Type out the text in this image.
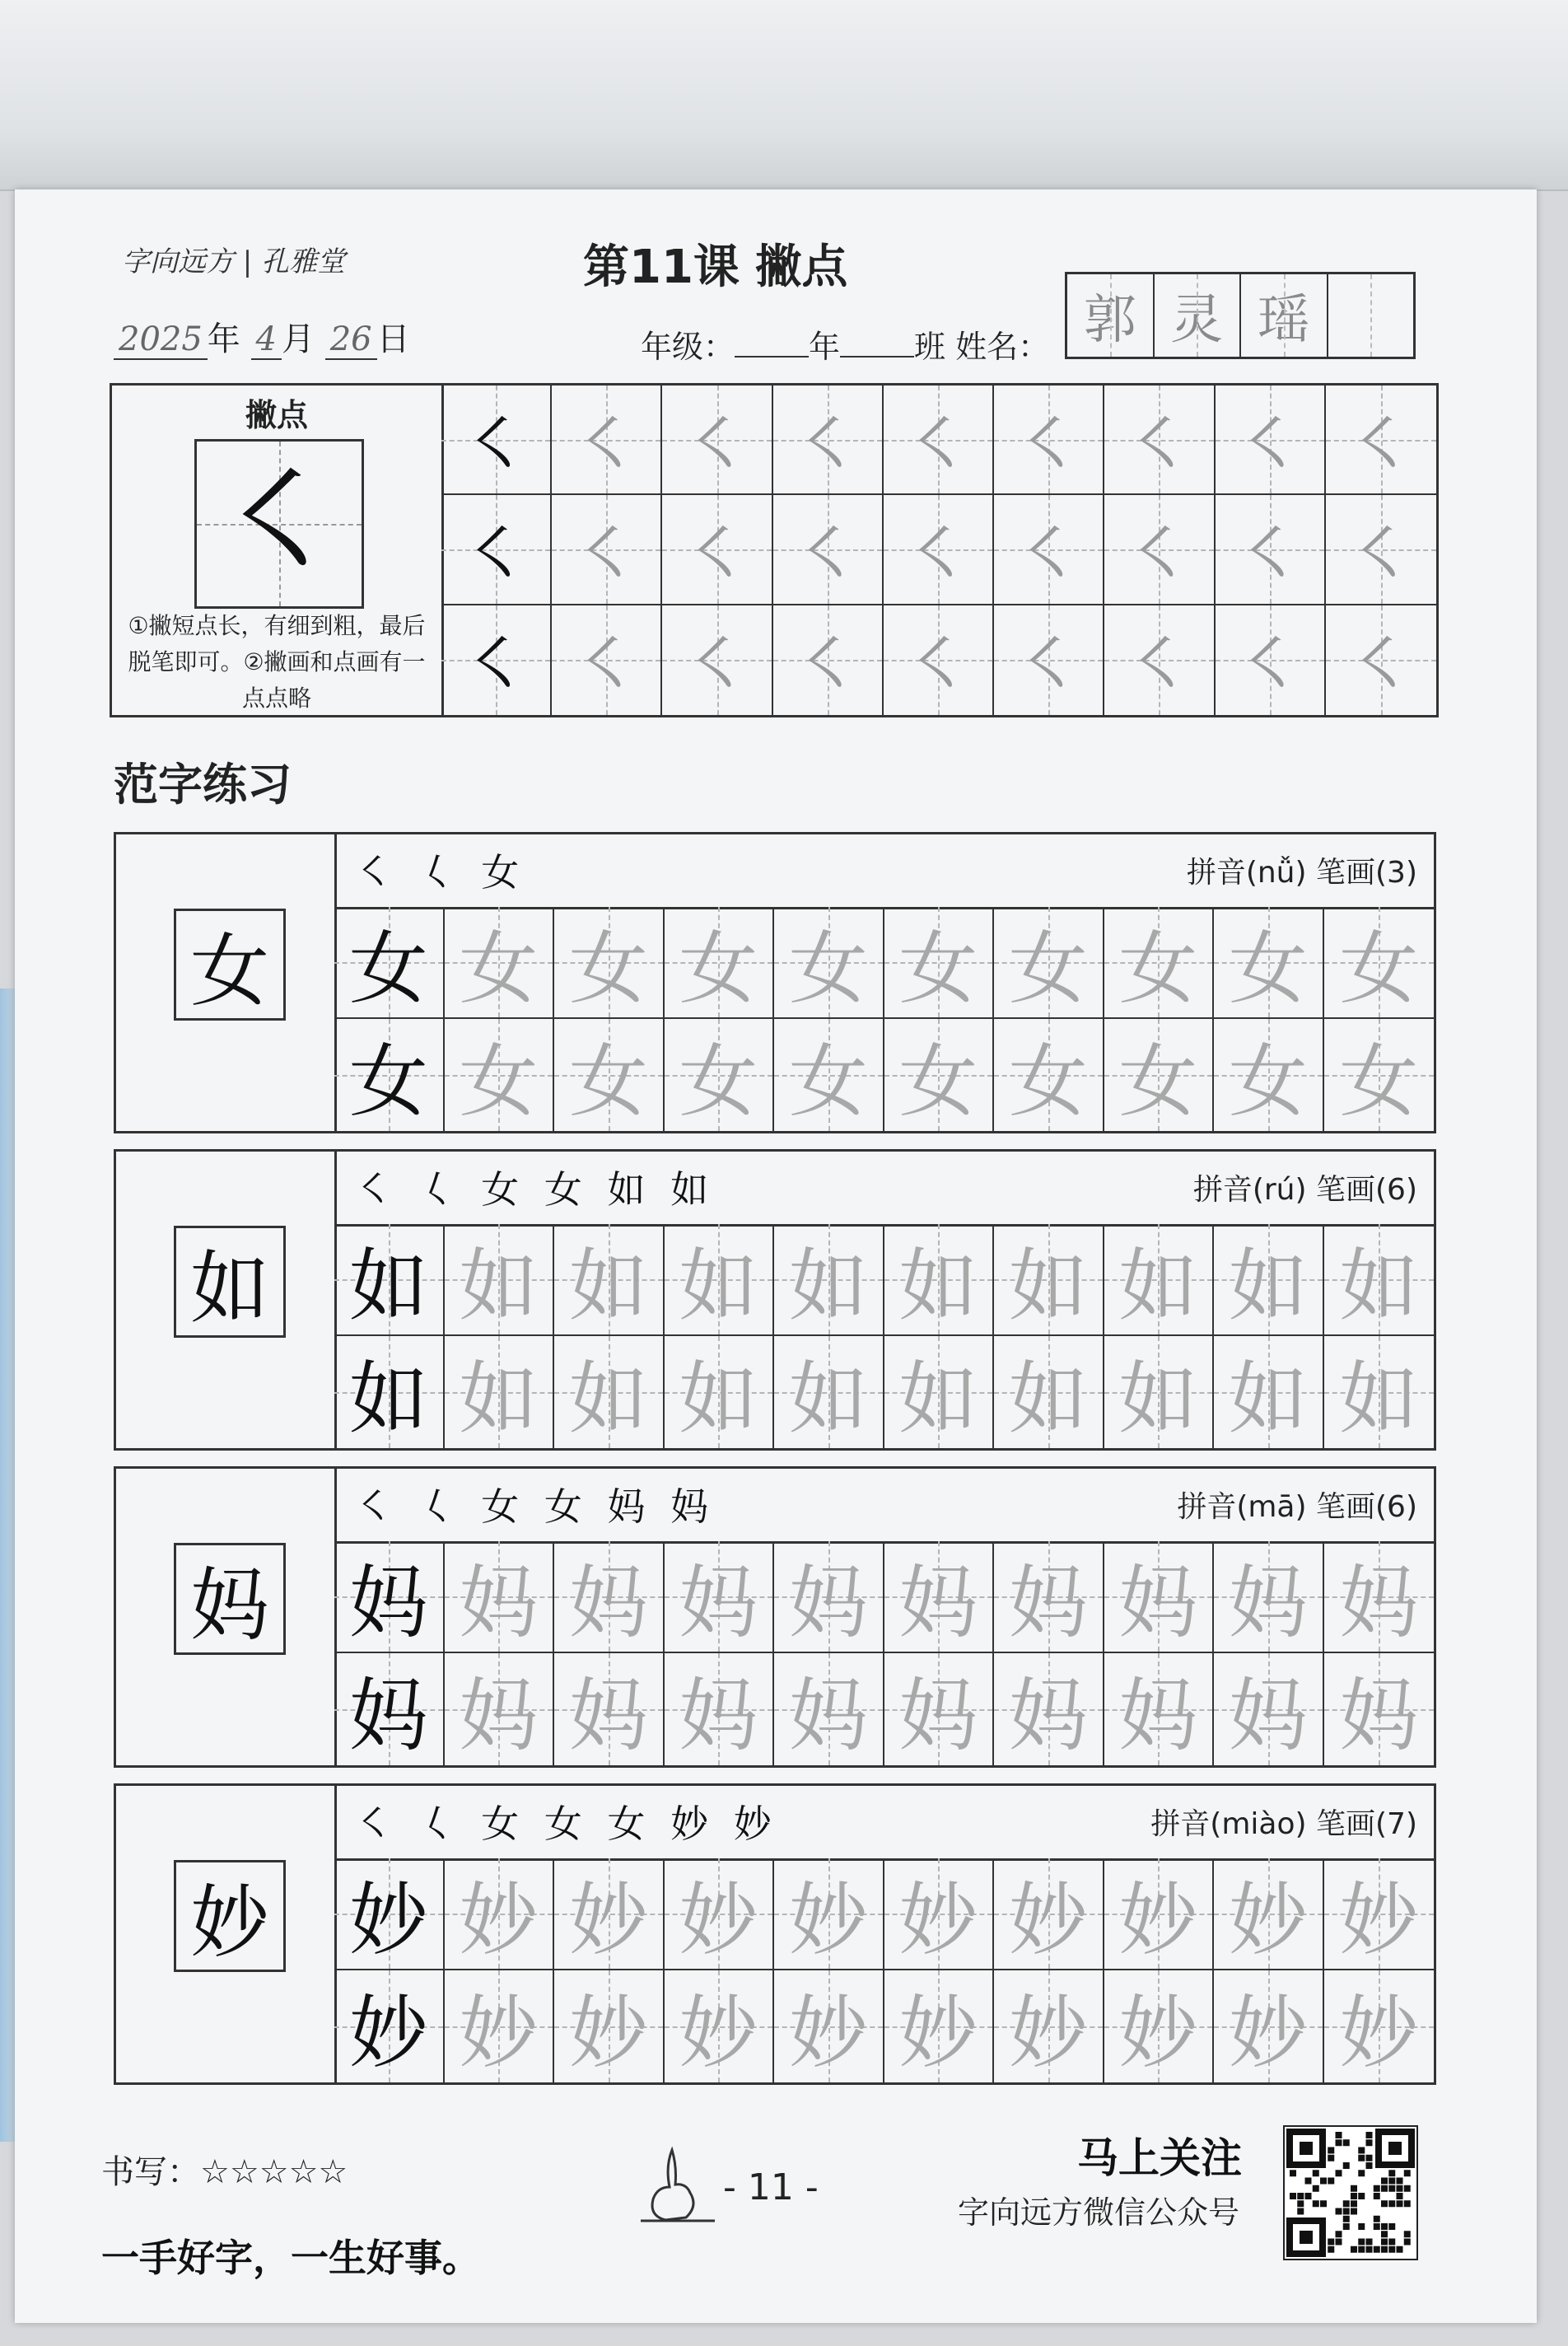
字向远方 | 孔雅堂	第11课 撇点
2025 年 4 月 26 日	年级： 年 班 姓名： 郭 灵 瑶
撇点
㇛
①撇短点长，有细到粗，最后脱笔即可。②撇画和点画有一点点略
㇛ ㇛ ㇛ ㇛ ㇛ ㇛ ㇛ ㇛ ㇛
㇛ ㇛ ㇛ ㇛ ㇛ ㇛ ㇛ ㇛ ㇛
㇛ ㇛ ㇛ ㇛ ㇛ ㇛ ㇛ ㇛ ㇛
范字练习
女
㇛ 𡿨 女	拼音(nǚ) 笔画(3)
女 女 女 女 女 女 女 女 女 女
女 女 女 女 女 女 女 女 女 女
如
㇛ 𡿨 女 女 如 如	拼音(rú) 笔画(6)
如 如 如 如 如 如 如 如 如 如
如 如 如 如 如 如 如 如 如 如
妈
㇛ 𡿨 女 女 妈 妈	拼音(mā) 笔画(6)
妈 妈 妈 妈 妈 妈 妈 妈 妈 妈
妈 妈 妈 妈 妈 妈 妈 妈 妈 妈
妙
㇛ 𡿨 女 女 女 妙 妙	拼音(miào) 笔画(7)
妙 妙 妙 妙 妙 妙 妙 妙 妙 妙
妙 妙 妙 妙 妙 妙 妙 妙 妙 妙
书写：☆☆☆☆☆
一手好字，一生好事。
- 11 -
马上关注
字向远方微信公众号
